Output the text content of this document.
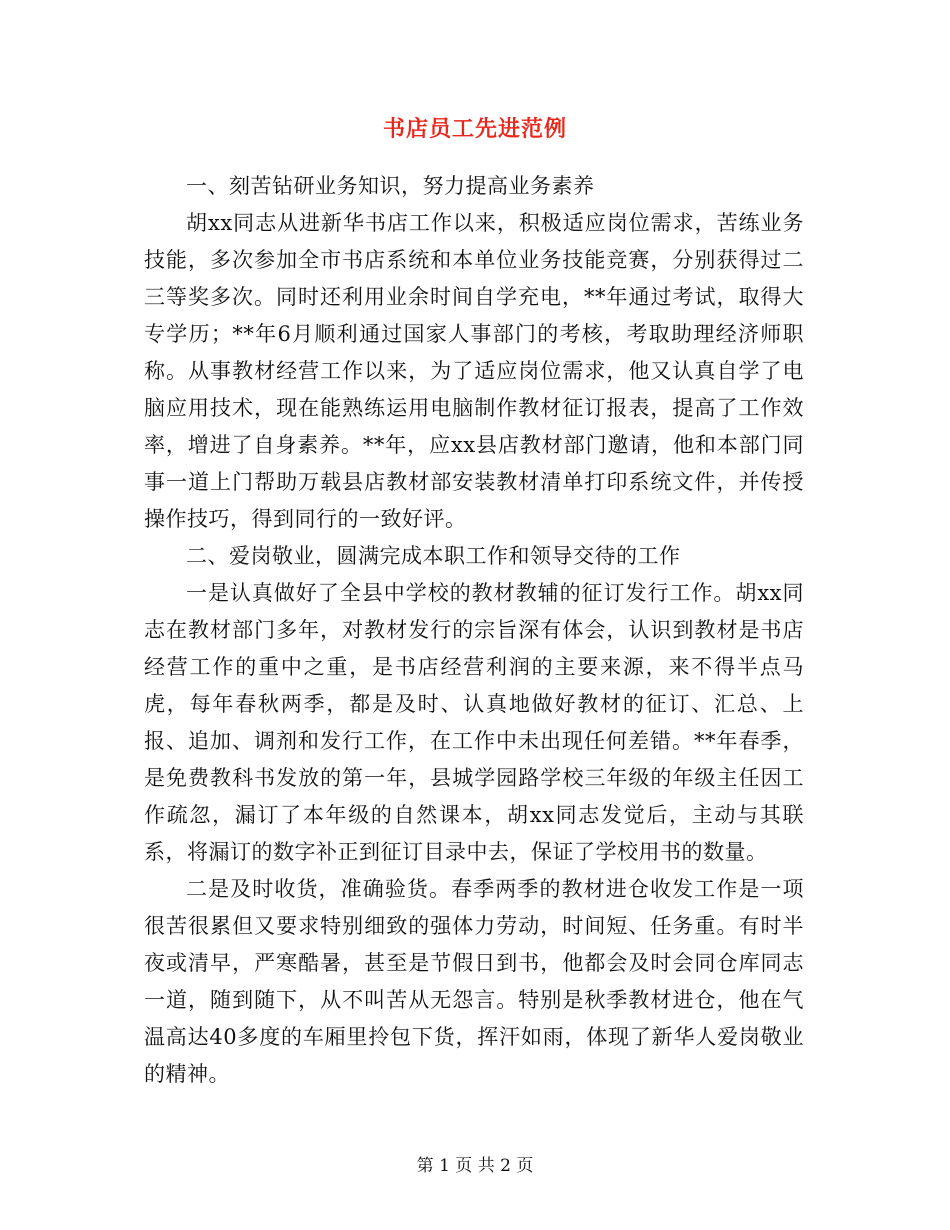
书店员工先进范例

一、刻苦钻研业务知识，努力提高业务素养

胡xx同志从进新华书店工作以来，积极适应岗位需求，苦练业务技能，多次参加全市书店系统和本单位业务技能竞赛，分别获得过二三等奖多次。同时还利用业余时间自学充电，**年通过考试，取得大专学历；**年6月顺利通过国家人事部门的考核，考取助理经济师职称。从事教材经营工作以来，为了适应岗位需求，他又认真自学了电脑应用技术，现在能熟练运用电脑制作教材征订报表，提高了工作效率，增进了自身素养。**年，应xx县店教材部门邀请，他和本部门同事一道上门帮助万载县店教材部安装教材清单打印系统文件，并传授操作技巧，得到同行的一致好评。

二、爱岗敬业，圆满完成本职工作和领导交待的工作

一是认真做好了全县中学校的教材教辅的征订发行工作。胡xx同志在教材部门多年，对教材发行的宗旨深有体会，认识到教材是书店经营工作的重中之重，是书店经营利润的主要来源，来不得半点马虎，每年春秋两季，都是及时、认真地做好教材的征订、汇总、上报、追加、调剂和发行工作，在工作中未出现任何差错。**年春季，是免费教科书发放的第一年，县城学园路学校三年级的年级主任因工作疏忽，漏订了本年级的自然课本，胡xx同志发觉后，主动与其联系，将漏订的数字补正到征订目录中去，保证了学校用书的数量。

二是及时收货，准确验货。春季两季的教材进仓收发工作是一项很苦很累但又要求特别细致的强体力劳动，时间短、任务重。有时半夜或清早，严寒酷暑，甚至是节假日到书，他都会及时会同仓库同志一道，随到随下，从不叫苦从无怨言。特别是秋季教材进仓，他在气温高达40多度的车厢里拎包下货，挥汗如雨，体现了新华人爱岗敬业的精神。

第 1 页 共 2 页
